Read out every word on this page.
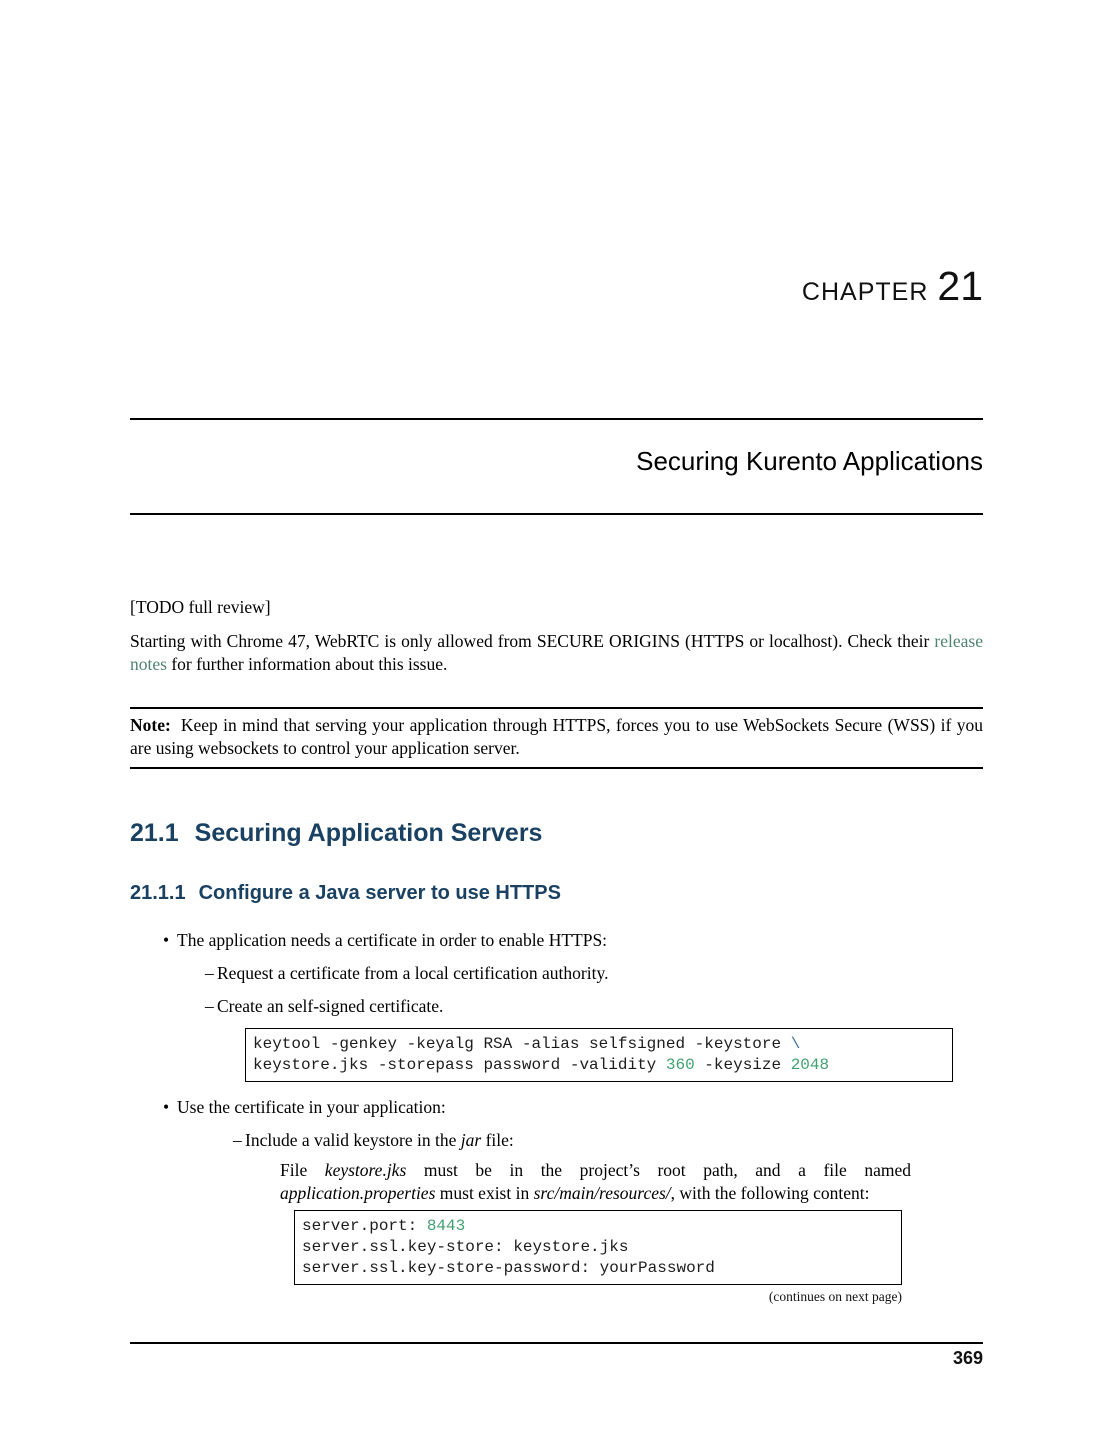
CHAPTER 21
Securing Kurento Applications
[TODO full review]
Starting with Chrome 47, WebRTC is only allowed from SECURE ORIGINS (HTTPS or localhost). Check their release notes for further information about this issue.
Note: Keep in mind that serving your application through HTTPS, forces you to use WebSockets Secure (WSS) if you are using websockets to control your application server.
21.1 Securing Application Servers
21.1.1 Configure a Java server to use HTTPS
• The application needs a certificate in order to enable HTTPS:
– Request a certificate from a local certification authority.
– Create an self-signed certificate.
keytool -genkey -keyalg RSA -alias selfsigned -keystore \
keystore.jks -storepass password -validity 360 -keysize 2048
• Use the certificate in your application:
– Include a valid keystore in the jar file:
File keystore.jks must be in the project’s root path, and a file named application.properties must exist in src/main/resources/, with the following content:
server.port: 8443
server.ssl.key-store: keystore.jks
server.ssl.key-store-password: yourPassword
(continues on next page)
369
